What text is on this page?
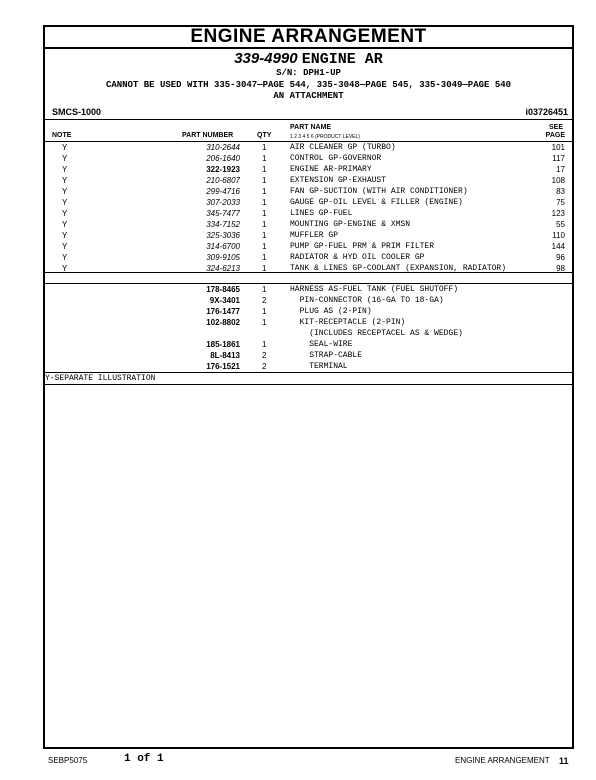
ENGINE ARRANGEMENT
339-4990 ENGINE AR
S/N: DPH1-UP
CANNOT BE USED WITH 335-3047—PAGE 544, 335-3048—PAGE 545, 335-3049—PAGE 540
AN ATTACHMENT
SMCS-1000	i03726451
NOTE	PART NUMBER	QTY
PART NAME
1 2 3 4 5 6 (PRODUCT LEVEL)
SEE
PAGE
Y	310-2644	1	AIR CLEANER GP (TURBO)	101
Y	206-1640	1	CONTROL GP-GOVERNOR	117
Y	322-1923	1	ENGINE AR-PRIMARY	17
Y	210-6807	1	EXTENSION GP-EXHAUST	108
Y	299-4716	1	FAN GP-SUCTION (WITH AIR CONDITIONER)	83
Y	307-2033	1	GAUGE GP-OIL LEVEL & FILLER (ENGINE)	75
Y	345-7477	1	LINES GP-FUEL	123
Y	334-7152	1	MOUNTING GP-ENGINE & XMSN	55
Y	325-3036	1	MUFFLER GP	110
Y	314-6700	1	PUMP GP-FUEL PRM & PRIM FILTER	144
Y	309-9105	1	RADIATOR & HYD OIL COOLER GP	96
Y	324-6213	1	TANK & LINES GP-COOLANT (EXPANSION, RADIATOR)	98
178-8465	1	HARNESS AS-FUEL TANK (FUEL SHUTOFF)
9X-3401	2	PIN-CONNECTOR (16-GA TO 18-GA)
176-1477	1	PLUG AS (2-PIN)
102-8802	1	KIT-RECEPTACLE (2-PIN)
(INCLUDES RECEPTACEL AS & WEDGE)
185-1861	1	SEAL-WIRE
8L-8413	2	STRAP-CABLE
176-1521	2	TERMINAL
Y-SEPARATE ILLUSTRATION
SEBP5075	1 of 1	ENGINE ARRANGEMENT 11
